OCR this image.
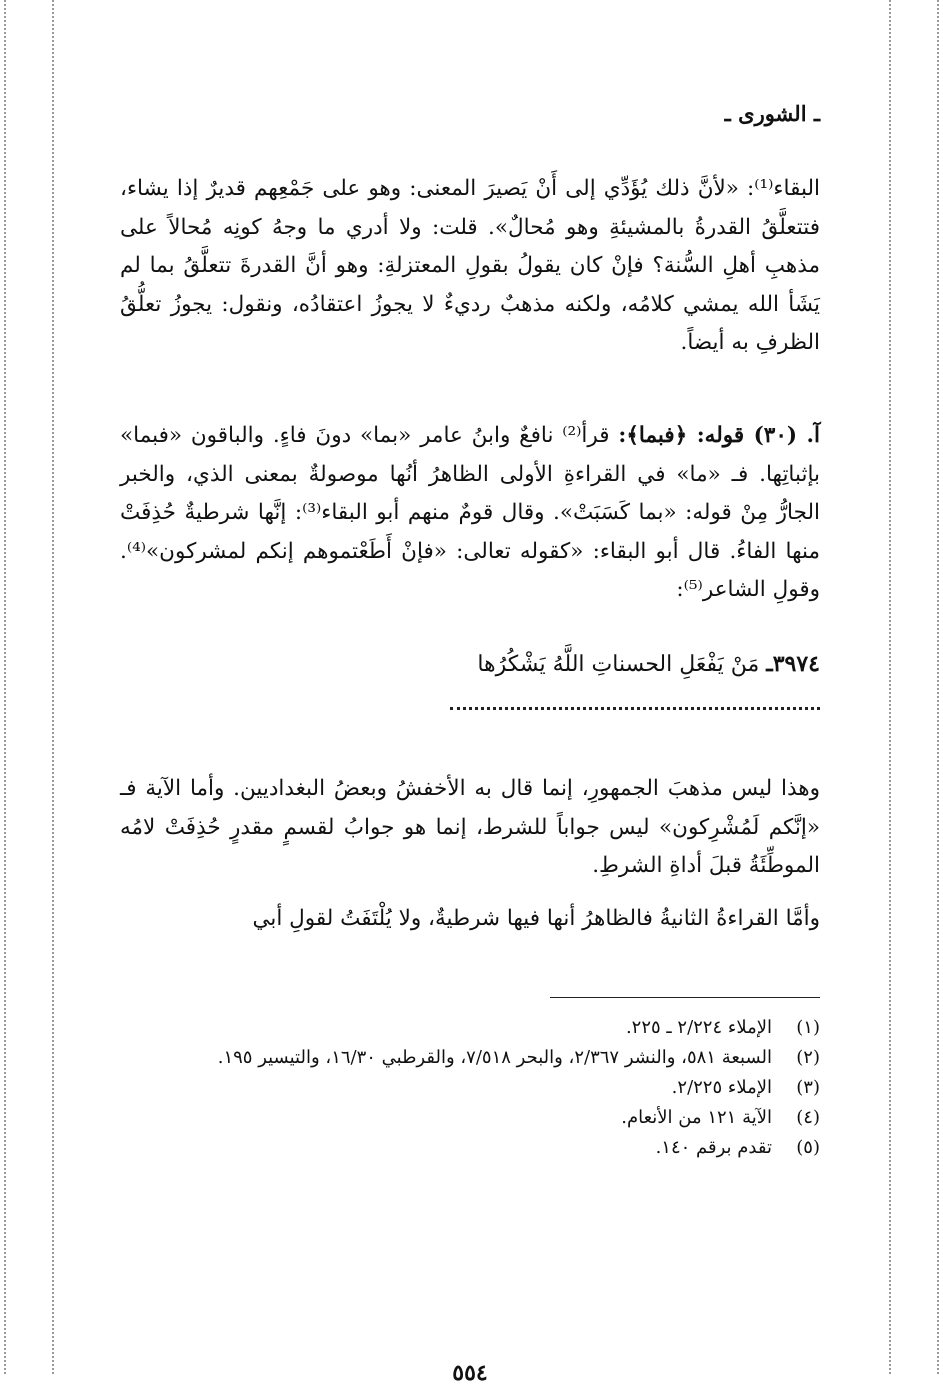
ـ الشورى ـ

البقاء⁽¹⁾: «لأنَّ ذلك يُؤَدِّي إلى أَنْ يَصيرَ المعنى: وهو على جَمْعِهم قديرٌ إذا يشاء، فتتعلَّقُ القدرةُ بالمشيئةِ وهو مُحالٌ». قلت: ولا أدري ما وجهُ كونِه مُحالاً على مذهبِ أهلِ السُّنة؟ فإنْ كان يقولُ بقولِ المعتزلةِ: وهو أنَّ القدرةَ تتعلَّقُ بما لم يَشَأ الله يمشي كلامُه، ولكنه مذهبٌ رديءٌ لا يجوزُ اعتقادُه، ونقول: يجوزُ تعلُّقُ الظرفِ به أيضاً.

آ. (٣٠) قوله: ﴿فبما﴾: قرأ⁽²⁾ نافعٌ وابنُ عامر «بما» دونَ فاءٍ. والباقون «فبما» بإثباتِها. فـ «ما» في القراءةِ الأولى الظاهرُ أنُها موصولةٌ بمعنى الذي، والخبر الجارُّ مِنْ قوله: «بما كَسَبَتْ». وقال قومٌ منهم أبو البقاء⁽³⁾: إنَّها شرطيةٌ حُذِفَتْ منها الفاءُ. قال أبو البقاء: «كقوله تعالى: «فإنْ أَطَعْتموهم إنكم لمشركون»⁽⁴⁾. وقولِ الشاعر⁽⁵⁾:

٣٩٧٤ـ مَنْ يَفْعَلِ الحسناتِ اللَّهُ يَشْكُرُها

وهذا ليس مذهبَ الجمهورِ، إنما قال به الأخفشُ وبعضُ البغداديين. وأما الآية فـ «إنَّكم لَمُشْرِكون» ليس جواباً للشرط، إنما هو جوابُ لقسمٍ مقدرٍ حُذِفَتْ لامُه الموطِّئَةُ قبلَ أداةِ الشرطِ.

وأمَّا القراءةُ الثانيةُ فالظاهرُ أنها فيها شرطيةٌ، ولا يُلْتَفَتُ لقولِ أبي

(١)
الإملاء ٢/٢٢٤ ـ ٢٢٥.
(٢)
السبعة ٥٨١، والنشر ٢/٣٦٧، والبحر ٧/٥١٨، والقرطبي ١٦/٣٠، والتيسير ١٩٥.
(٣)
الإملاء ٢/٢٢٥.
(٤)
الآية ١٢١ من الأنعام.
(٥)
تقدم برقم ١٤٠.
٥٥٤
